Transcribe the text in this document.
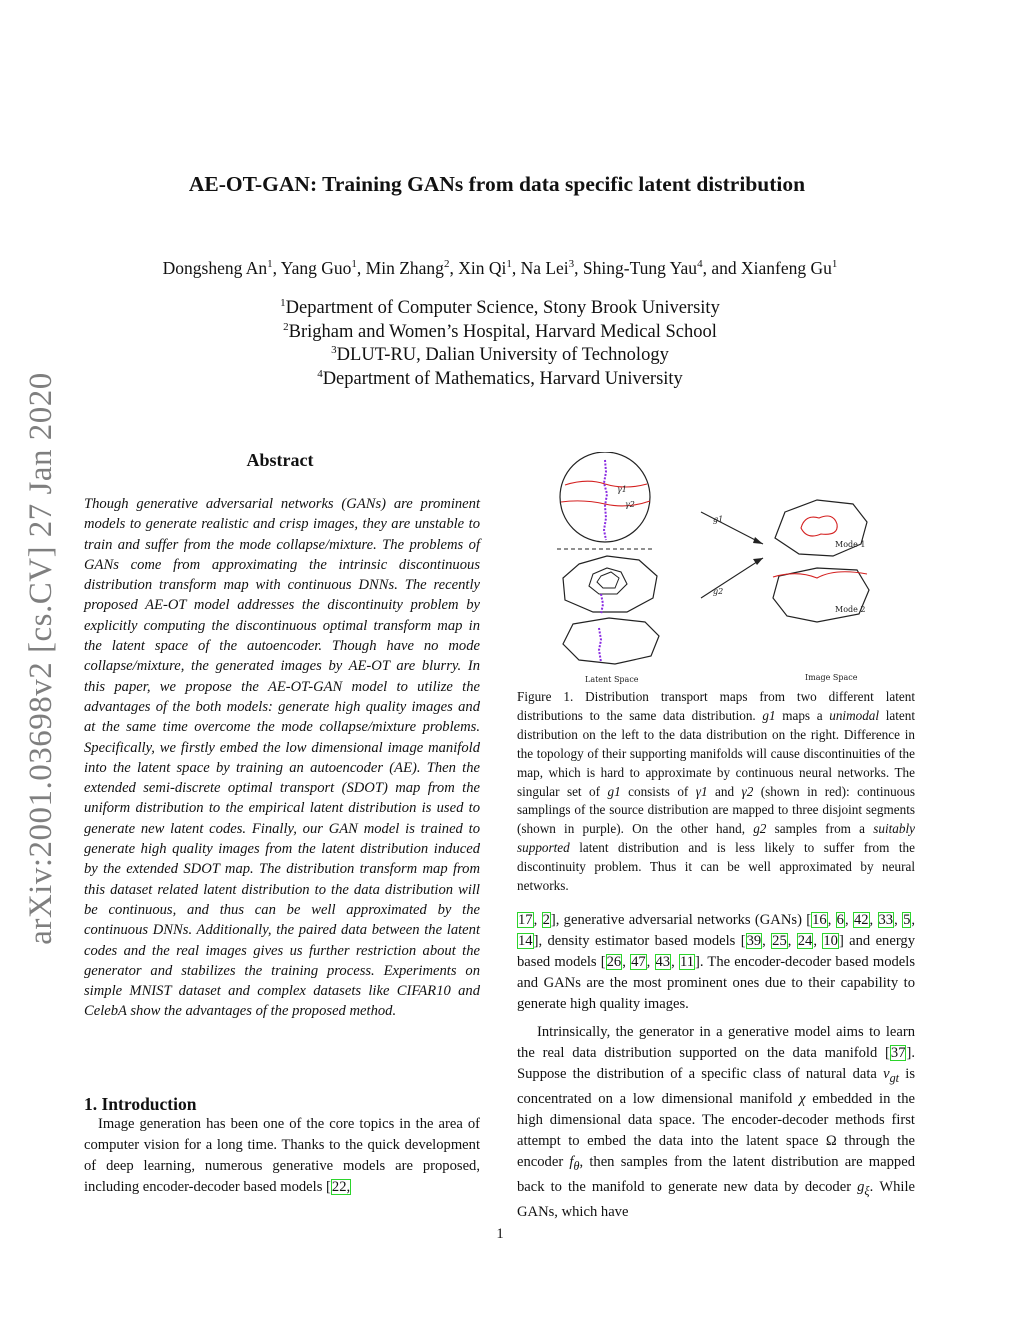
arXiv:2001.03698v2 [cs.CV] 27 Jan 2020
AE-OT-GAN: Training GANs from data specific latent distribution
Dongsheng An$^1$, Yang Guo$^1$, Min Zhang$^2$, Xin Qi$^1$, Na Lei$^3$, Shing-Tung Yau$^4$, and Xianfeng Gu$^1$
$^1$Department of Computer Science, Stony Brook University
$^2$Brigham and Women’s Hospital, Harvard Medical School
$^3$DLUT-RU, Dalian University of Technology
$^4$Department of Mathematics, Harvard University
Abstract

Though generative adversarial networks (GANs) are prominent models to generate realistic and crisp images, they are unstable to train and suffer from the mode collapse/mixture. The problems of GANs come from approximating the intrinsic discontinuous distribution transform map with continuous DNNs. The recently proposed AE-OT model addresses the discontinuity problem by explicitly computing the discontinuous optimal transform map in the latent space of the autoencoder. Though have no mode collapse/mixture, the generated images by AE-OT are blurry. In this paper, we propose the AE-OT-GAN model to utilize the advantages of the both models: generate high quality images and at the same time overcome the mode collapse/mixture problems. Specifically, we firstly embed the low dimensional image manifold into the latent space by training an autoencoder (AE). Then the extended semi-discrete optimal transport (SDOT) map from the uniform distribution to the empirical latent distribution is used to generate new latent codes. Finally, our GAN model is trained to generate high quality images from the latent distribution induced by the extended SDOT map. The distribution transform map from this dataset related latent distribution to the data distribution will be continuous, and thus can be well approximated by the continuous DNNs. Additionally, the paired data between the latent codes and the real images gives us further restriction about the generator and stabilizes the training process. Experiments on simple MNIST dataset and complex datasets like CIFAR10 and CelebA show the advantages of the proposed method.

1. Introduction

Image generation has been one of the core topics in the area of computer vision for a long time. Thanks to the quick development of deep learning, numerous generative models are proposed, including encoder-decoder based models [22,

γ1
γ2
Latent Space
g1
g2
Mode 1
Mode 2
Image Space

Figure 1. Distribution transport maps from two different latent distributions to the same data distribution. g1 maps a unimodal latent distribution on the left to the data distribution on the right. Difference in the topology of their supporting manifolds will cause discontinuities of the map, which is hard to approximate by continuous neural networks. The singular set of g1 consists of γ1 and γ2 (shown in red): continuous samplings of the source distribution are mapped to three disjoint segments (shown in purple). On the other hand, g2 samples from a suitably supported latent distribution and is less likely to suffer from the discontinuity problem. Thus it can be well approximated by neural networks.

17, 2], generative adversarial networks (GANs) [16, 6, 42, 33, 5, 14], density estimator based models [39, 25, 24, 10] and energy based models [26, 47, 43, 11]. The encoder-decoder based models and GANs are the most prominent ones due to their capability to generate high quality images.

Intrinsically, the generator in a generative model aims to learn the real data distribution supported on the data manifold [37]. Suppose the distribution of a specific class of natural data $\nu_{gt}$ is concentrated on a low dimensional manifold χ embedded in the high dimensional data space. The encoder-decoder methods first attempt to embed the data into the latent space Ω through the encoder $f_\theta$, then samples from the latent distribution are mapped back to the manifold to generate new data by decoder $g_\xi$. While GANs, which have

1
